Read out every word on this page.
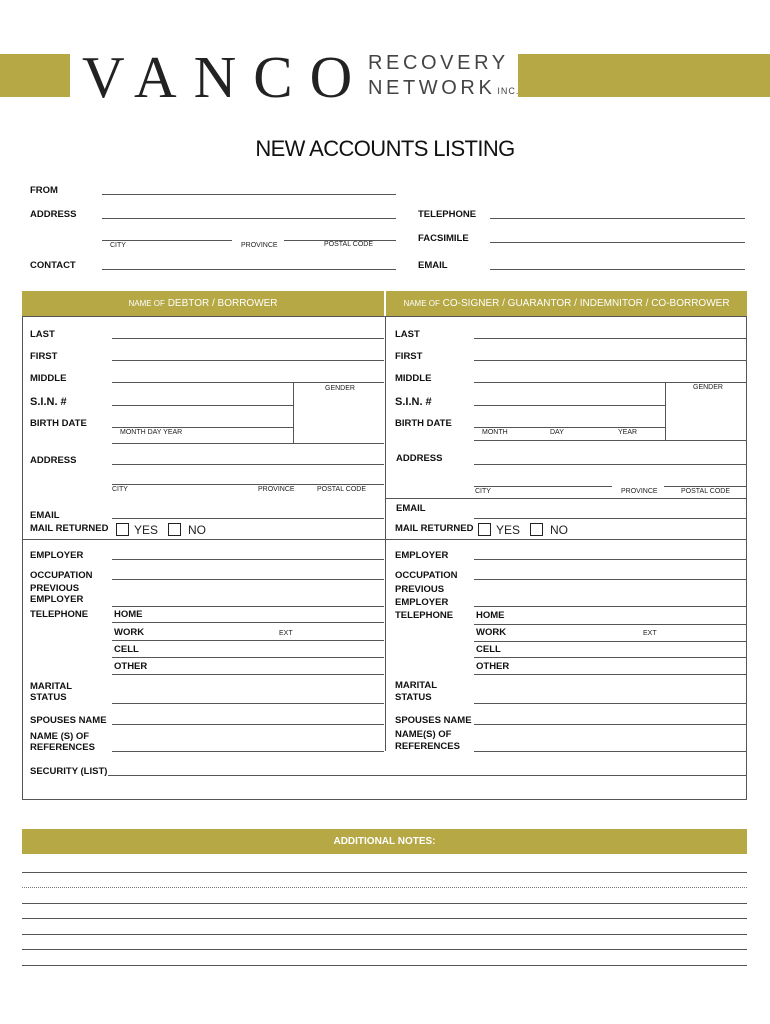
VANCO
RECOVERY
NETWORK INC.
NEW ACCOUNTS LISTING
FROM
ADDRESS	TELEPHONE
CITY	PROVINCE	POSTAL CODE
FACSIMILE
CONTACT	EMAIL
NAME OF DEBTOR / BORROWER	NAME OF CO-SIGNER / GUARANTOR / INDEMNITOR / CO-BORROWER
LAST
FIRST
MIDDLE
GENDER
S.I.N. #
BIRTH DATE
MONTH DAY YEAR
ADDRESS
CITY	PROVINCE	POSTAL CODE
EMAIL
MAIL RETURNED YES NO
EMPLOYER
OCCUPATION
PREVIOUS
EMPLOYER
TELEPHONE	HOME
WORK	EXT
CELL
OTHER
MARITAL
STATUS
SPOUSES NAME
NAME (S) OF
REFERENCES
LAST
FIRST
MIDDLE
GENDER
S.I.N. #
BIRTH DATE
MONTH	DAY	YEAR
ADDRESS
CITY	PROVINCE	POSTAL CODE
EMAIL
MAIL RETURNED YES NO
EMPLOYER
OCCUPATION
PREVIOUS
EMPLOYER
TELEPHONE HOME
WORK	EXT
CELL
OTHER
MARITAL
STATUS
SPOUSES NAME
NAME(S) OF
REFERENCES
SECURITY (LIST)
ADDITIONAL NOTES:
